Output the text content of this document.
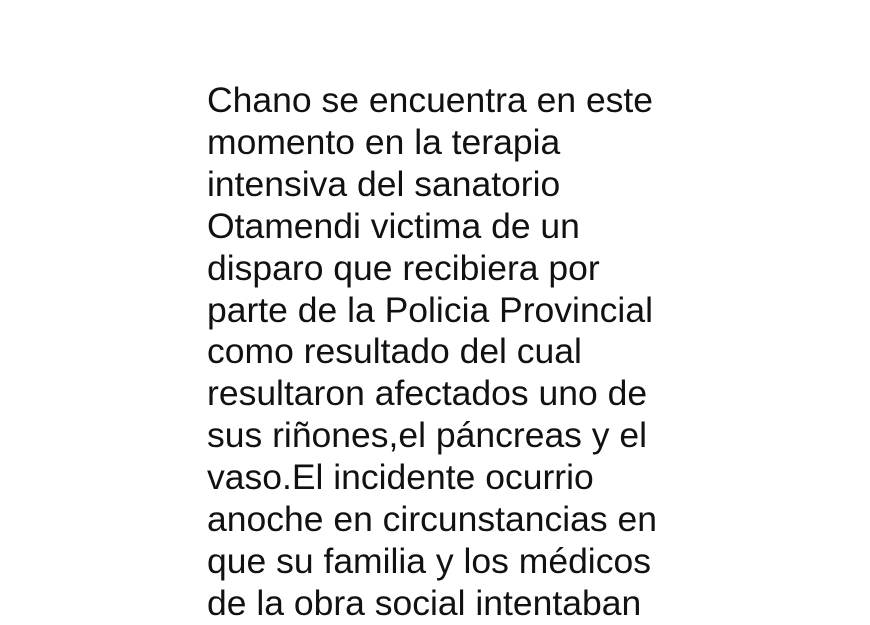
Chano se encuentra en este
momento en la terapia
intensiva del sanatorio
Otamendi victima de un
disparo que recibiera por
parte de la Policia Provincial
como resultado del cual
resultaron afectados uno de
sus riñones,el páncreas y el
vaso.El incidente ocurrio
anoche en circunstancias en
que su familia y los médicos
de la obra social intentaban
